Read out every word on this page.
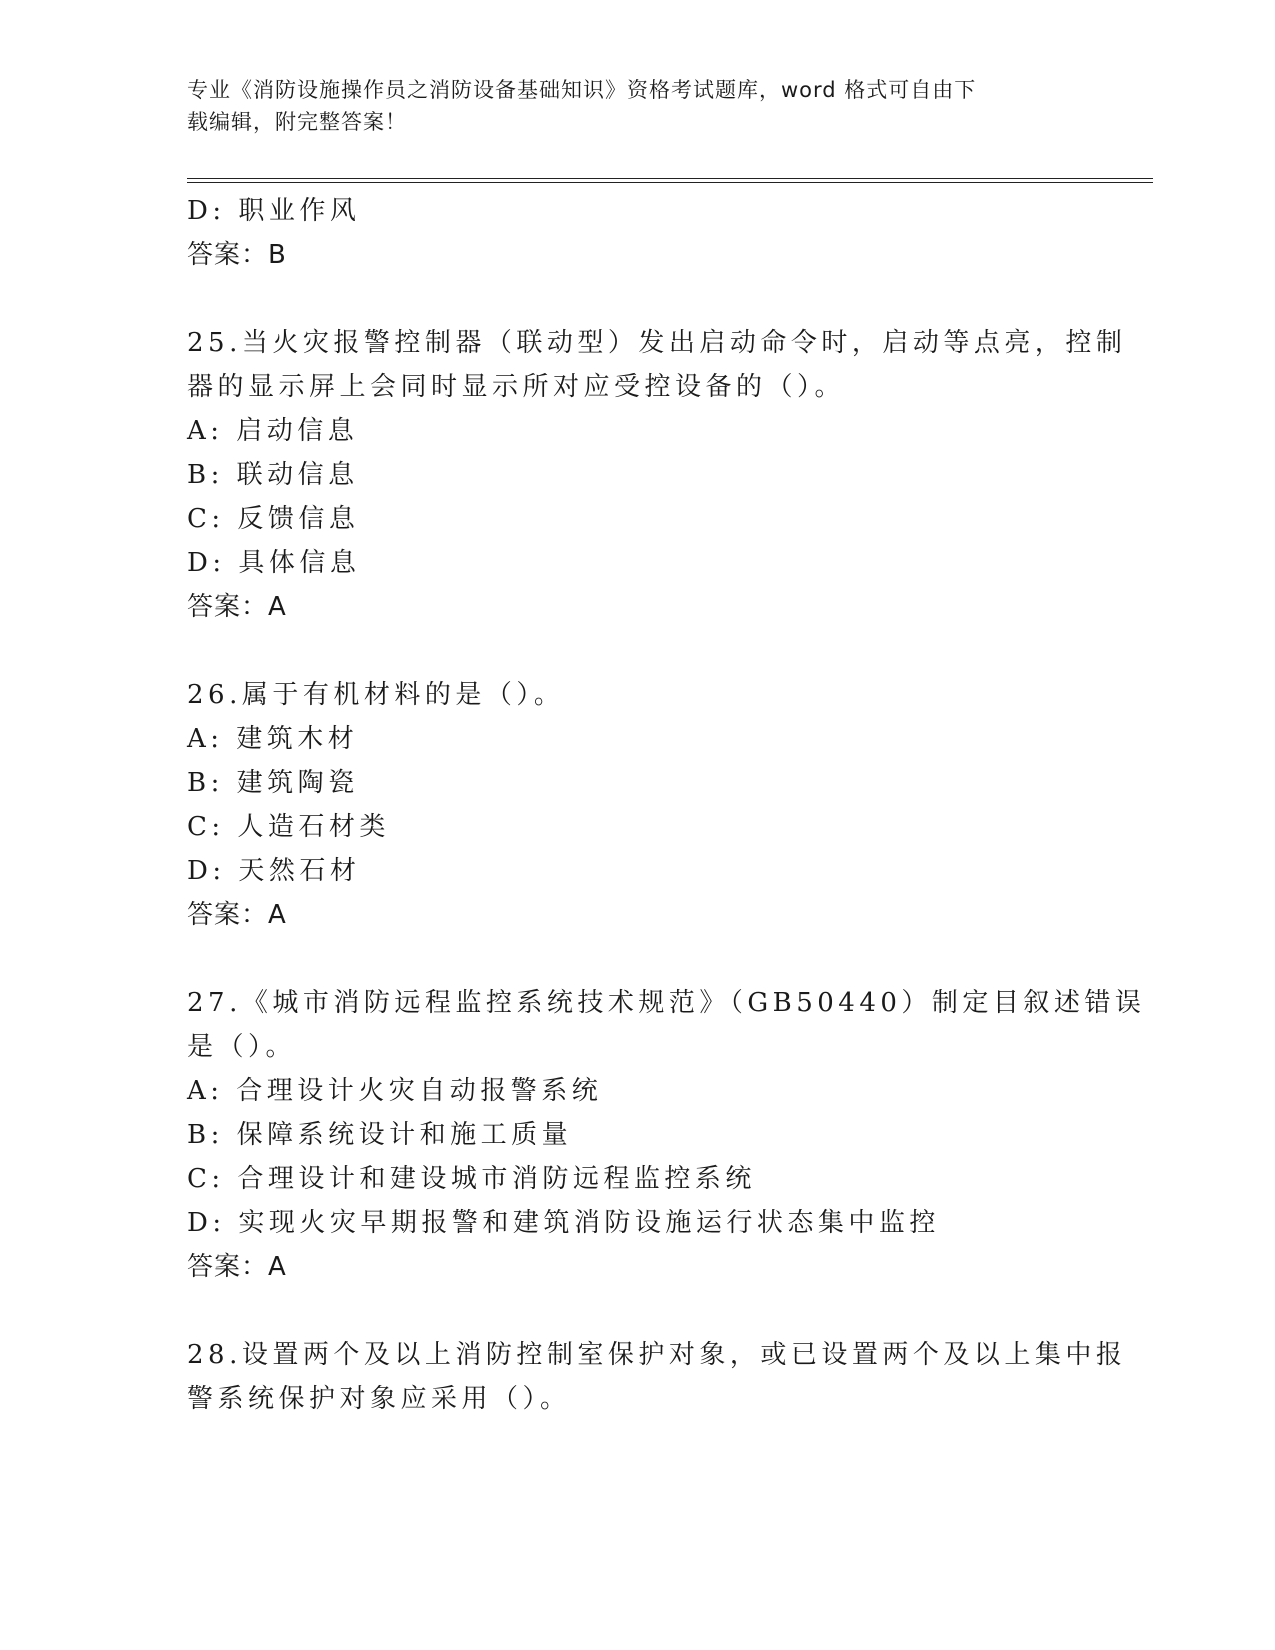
专业《消防设施操作员之消防设备基础知识》资格考试题库，word 格式可自由下
载编辑，附完整答案！
D: 职业作风
答案：B
25.当火灾报警控制器（联动型）发出启动命令时，启动等点亮，控制
器的显示屏上会同时显示所对应受控设备的（）。
A: 启动信息
B: 联动信息
C: 反馈信息
D: 具体信息
答案：A
26.属于有机材料的是（）。
A: 建筑木材
B: 建筑陶瓷
C: 人造石材类
D: 天然石材
答案：A
27.《城市消防远程监控系统技术规范》（GB50440）制定目叙述错误
是（）。
A: 合理设计火灾自动报警系统
B: 保障系统设计和施工质量
C: 合理设计和建设城市消防远程监控系统
D: 实现火灾早期报警和建筑消防设施运行状态集中监控
答案：A
28.设置两个及以上消防控制室保护对象，或已设置两个及以上集中报
警系统保护对象应采用（）。
